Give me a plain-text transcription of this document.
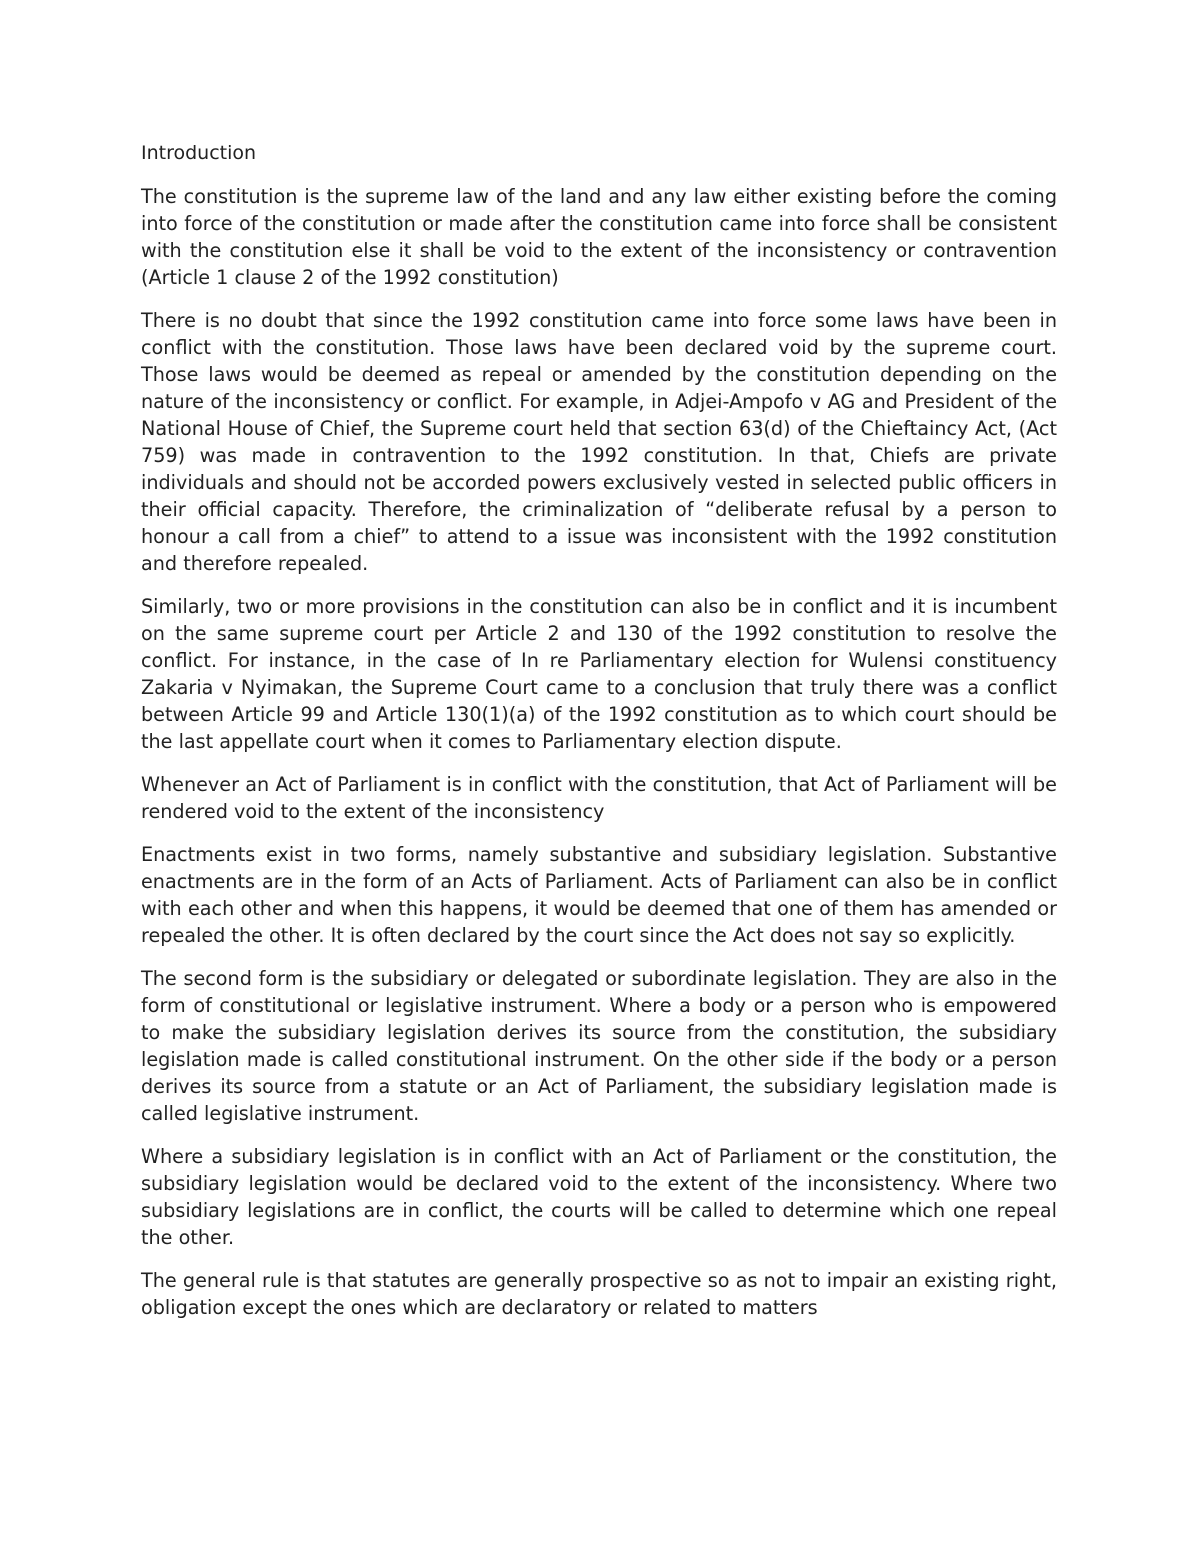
Introduction

The constitution is the supreme law of the land and any law either existing before the coming into force of the constitution or made after the constitution came into force shall be consistent with the constitution else it shall be void to the extent of the inconsistency or contravention (Article 1 clause 2 of the 1992 constitution)

There is no doubt that since the 1992 constitution came into force some laws have been in conflict with the constitution. Those laws have been declared void by the supreme court. Those laws would be deemed as repeal or amended by the constitution depending on the nature of the inconsistency or conflict. For example, in Adjei-Ampofo v AG and President of the National House of Chief, the Supreme court held that section 63(d) of the Chieftaincy Act, (Act 759) was made in contravention to the 1992 constitution. In that, Chiefs are private individuals and should not be accorded powers exclusively vested in selected public officers in their official capacity. Therefore, the criminalization of “deliberate refusal by a person to honour a call from a chief” to attend to a issue was inconsistent with the 1992 constitution and therefore repealed.

Similarly, two or more provisions in the constitution can also be in conflict and it is incumbent on the same supreme court per Article 2 and 130 of the 1992 constitution to resolve the conflict. For instance, in the case of In re Parliamentary election for Wulensi constituency Zakaria v Nyimakan, the Supreme Court came to a conclusion that truly there was a conflict between Article 99 and Article 130(1)(a) of the 1992 constitution as to which court should be the last appellate court when it comes to Parliamentary election dispute.

Whenever an Act of Parliament is in conflict with the constitution, that Act of Parliament will be rendered void to the extent of the inconsistency

Enactments exist in two forms, namely substantive and subsidiary legislation. Substantive enactments are in the form of an Acts of Parliament. Acts of Parliament can also be in conflict with each other and when this happens, it would be deemed that one of them has amended or repealed the other. It is often declared by the court since the Act does not say so explicitly.

The second form is the subsidiary or delegated or subordinate legislation. They are also in the form of constitutional or legislative instrument. Where a body or a person who is empowered to make the subsidiary legislation derives its source from the constitution, the subsidiary legislation made is called constitutional instrument. On the other side if the body or a person derives its source from a statute or an Act of Parliament, the subsidiary legislation made is called legislative instrument.

Where a subsidiary legislation is in conflict with an Act of Parliament or the constitution, the subsidiary legislation would be declared void to the extent of the inconsistency. Where two subsidiary legislations are in conflict, the courts will be called to determine which one repeal the other.

The general rule is that statutes are generally prospective so as not to impair an existing right, obligation except the ones which are declaratory or related to matters
